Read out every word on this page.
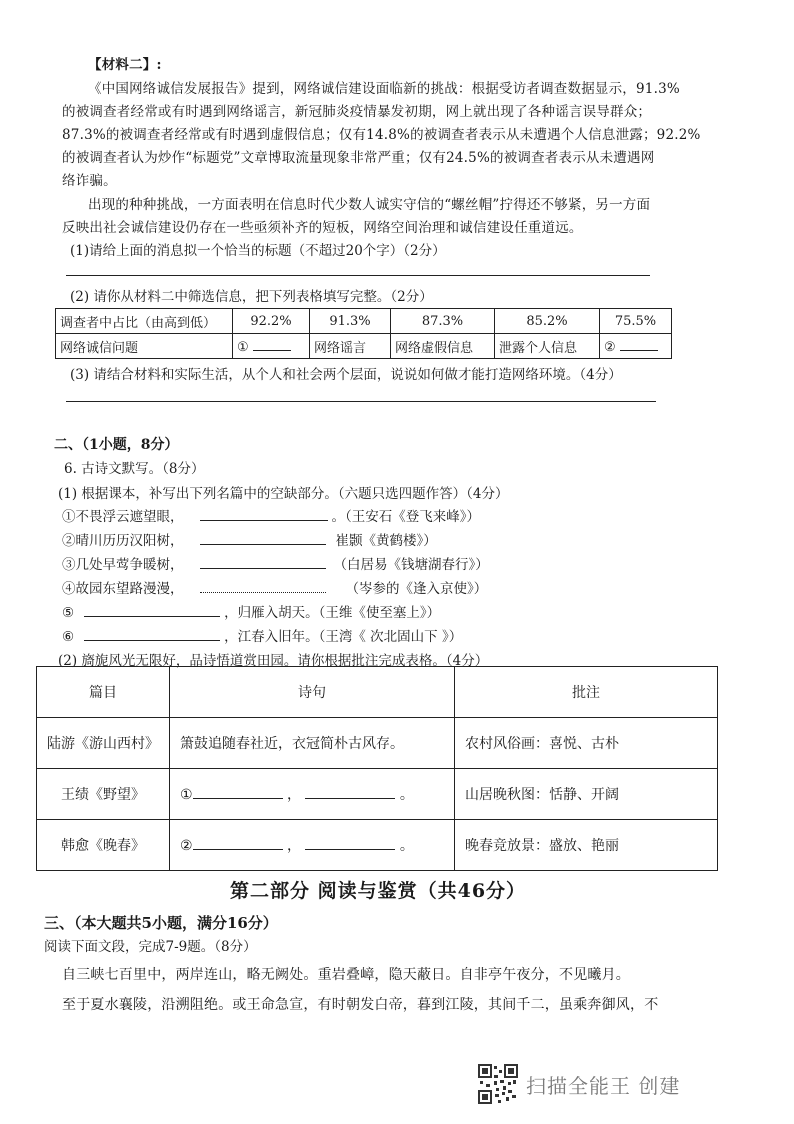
【材料二】:
《中国网络诚信发展报告》提到，网络诚信建设面临新的挑战：根据受访者调查数据显示，91.3%
的被调查者经常或有时遇到网络谣言，新冠肺炎疫情暴发初期，网上就出现了各种谣言误导群众；
87.3%的被调查者经常或有时遇到虚假信息；仅有14.8%的被调查者表示从未遭遇个人信息泄露；92.2%
的被调查者认为炒作“标题党”文章博取流量现象非常严重；仅有24.5%的被调查者表示从未遭遇网
络诈骗。
出现的种种挑战，一方面表明在信息时代少数人诚实守信的“螺丝帽”拧得还不够紧，另一方面
反映出社会诚信建设仍存在一些亟须补齐的短板，网络空间治理和诚信建设任重道远。
(1)请给上面的消息拟一个恰当的标题（不超过20个字）（2分）
(2) 请你从材料二中筛选信息，把下列表格填写完整。（2分）
调查者中占比（由高到低）	92.2%	91.3%	87.3%	85.2%	75.5%
网络诚信问题	①	网络谣言	网络虚假信息	泄露个人信息	②
(3) 请结合材料和实际生活，从个人和社会两个层面，说说如何做才能打造网络环境。（4分）
二、（1小题，8分）
6. 古诗文默写。（8分）
(1) 根据课本，补写出下列名篇中的空缺部分。（六题只选四题作答）（4分）
①不畏浮云遮望眼，	。（王安石《登飞来峰》）
②晴川历历汉阳树，	崔颢《黄鹤楼》）
③几处早莺争暖树，	（白居易《钱塘湖春行》）
④故园东望路漫漫，	（岑参的《逢入京使》）
⑤	，归雁入胡天。（王维《使至塞上》）
⑥	，江春入旧年。（王湾《 次北固山下 》）
(2) 旖旎风光无限好，品诗悟道赏田园。请你根据批注完成表格。（4分）
篇目	诗句	批注
陆游《游山西村》	箫鼓追随春社近，衣冠简朴古风存。	农村风俗画：喜悦、古朴
王绩《野望》	① ， 。	山居晚秋图：恬静、开阔
韩愈《晚春》	② ， 。	晚春竞放景：盛放、艳丽
第二部分 阅读与鉴赏（共46分）
三、（本大题共5小题，满分16分）
阅读下面文段，完成7-9题。（8分）
自三峡七百里中，两岸连山，略无阙处。重岩叠嶂，隐天蔽日。自非亭午夜分，不见曦月。
至于夏水襄陵，沿溯阻绝。或王命急宣，有时朝发白帝，暮到江陵，其间千二，虽乘奔御风，不
扫描全能王 创建
